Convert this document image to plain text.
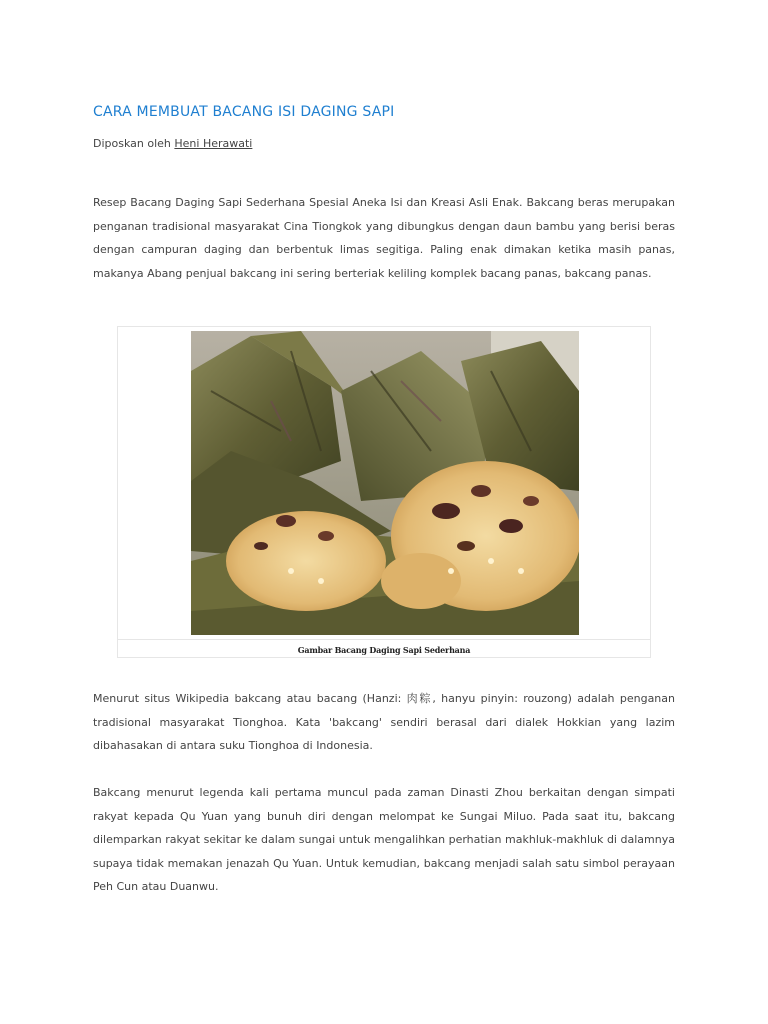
CARA MEMBUAT BACANG ISI DAGING SAPI
Diposkan oleh Heni Herawati

Resep Bacang Daging Sapi Sederhana Spesial Aneka Isi dan Kreasi Asli Enak. Bakcang beras merupakan penganan tradisional masyarakat Cina Tiongkok yang dibungkus dengan daun bambu yang berisi beras dengan campuran daging dan berbentuk limas segitiga. Paling enak dimakan ketika masih panas, makanya Abang penjual bakcang ini sering berteriak keliling komplek bacang panas, bakcang panas.

Gambar Bacang Daging Sapi Sederhana

Menurut situs Wikipedia bakcang atau bacang (Hanzi: 肉粽, hanyu pinyin: rouzong) adalah penganan tradisional masyarakat Tionghoa. Kata 'bakcang' sendiri berasal dari dialek Hokkian yang lazim dibahasakan di antara suku Tionghoa di Indonesia.

Bakcang menurut legenda kali pertama muncul pada zaman Dinasti Zhou berkaitan dengan simpati rakyat kepada Qu Yuan yang bunuh diri dengan melompat ke Sungai Miluo. Pada saat itu, bakcang dilemparkan rakyat sekitar ke dalam sungai untuk mengalihkan perhatian makhluk-makhluk di dalamnya supaya tidak memakan jenazah Qu Yuan. Untuk kemudian, bakcang menjadi salah satu simbol perayaan Peh Cun atau Duanwu.
